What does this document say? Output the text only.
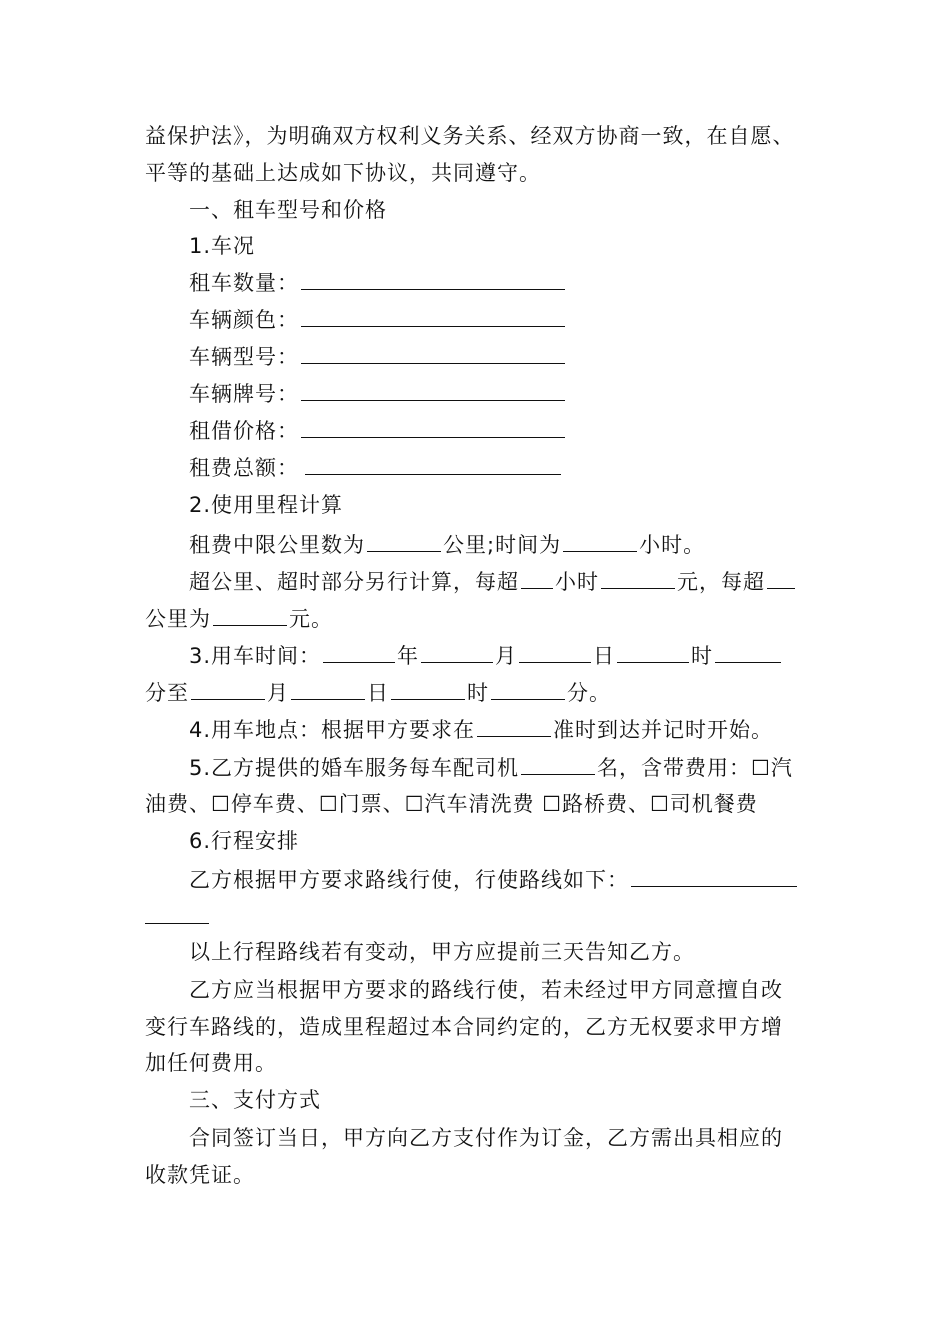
益保护法》，为明确双方权利义务关系、经双方协商一致，在自愿、
平等的基础上达成如下协议，共同遵守。
一、租车型号和价格
1.车况
租车数量：
车辆颜色：
车辆型号：
车辆牌号：
租借价格：
租费总额：
2.使用里程计算
租费中限公里数为	公里;时间为	小时。
超公里、超时部分另行计算，每超 小时	元，每超
公里为	元。
3.用车时间：	年	月	日	时
分至	月	日	时	分。
4.用车地点：根据甲方要求在	准时到达并记时开始。
5.乙方提供的婚车服务每车配司机	名，含带费用：☐汽
油费、☐停车费、☐门票、☐汽车清洗费 ☐路桥费、☐司机餐费
6.行程安排
乙方根据甲方要求路线行使，行使路线如下：
以上行程路线若有变动，甲方应提前三天告知乙方。
乙方应当根据甲方要求的路线行使，若未经过甲方同意擅自改
变行车路线的，造成里程超过本合同约定的，乙方无权要求甲方增
加任何费用。
三、支付方式
合同签订当日，甲方向乙方支付作为订金，乙方需出具相应的
收款凭证。
